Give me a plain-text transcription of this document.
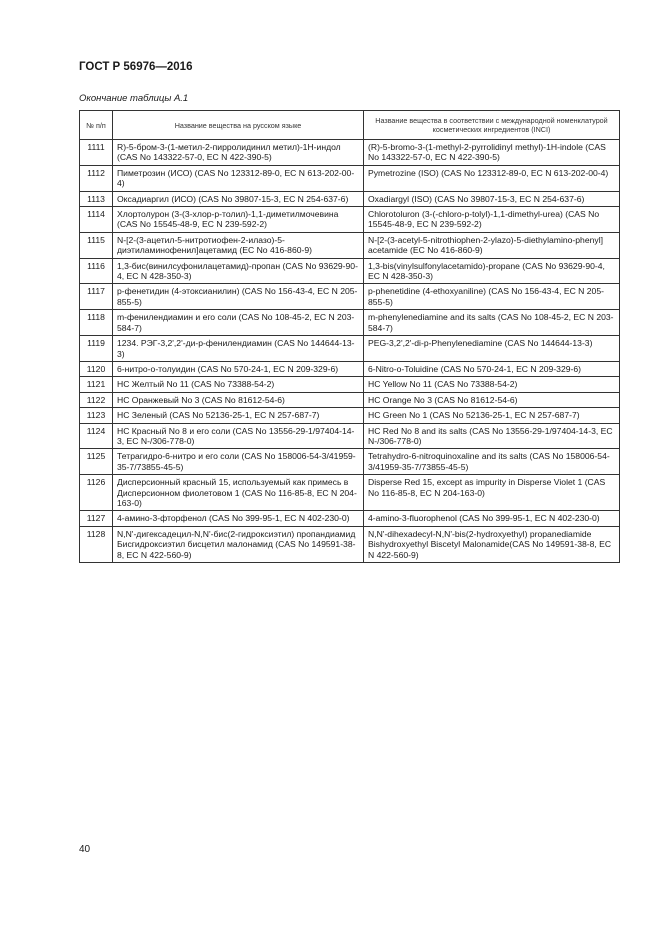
ГОСТ Р 56976—2016
Окончание таблицы А.1
№ п/п	Название вещества на русском языке	Название вещества в соответствии с международной номенклатурой косметических ингредиентов (INCI)
1111	R)-5-бром-3-(1-метил-2-пирролидинил метил)-1H-индол (CAS No 143322-57-0, EC N 422-390-5)	(R)-5-bromo-3-(1-methyl-2-pyrrolidinyl methyl)-1H-indole (CAS No 143322-57-0, EC N 422-390-5)
1112	Пиметрозин (ИСО) (CAS No 123312-89-0, EC N 613-202-00-4)	Pymetrozine (ISO) (CAS No 123312-89-0, EC N 613-202-00-4)
1113	Оксадиаргил (ИСО) (CAS No 39807-15-3, EC N 254-637-6)	Oxadiargyl (ISO) (CAS No 39807-15-3, EC N 254-637-6)
1114	Хлортолурон (3-(3-хлор-p-толил)-1,1-диметилмочевина (CAS No 15545-48-9, EC N 239-592-2)	Chlorotoluron (3-(-chloro-p-tolyl)-1,1-dimethyl-urea) (CAS No 15545-48-9, EC N 239-592-2)
1115	N-[2-(3-ацетил-5-нитротиофен-2-илазо)-5-диэтиламинофенил]ацетамид (EC No 416-860-9)	N-[2-(3-acetyl-5-nitrothiophen-2-ylazo)-5-diethylamino-phenyl] acetamide (EC No 416-860-9)
1116	1,3-бис(винилсуфонилацетамид)-пропан (CAS No 93629-90-4, EC N 428-350-3)	1,3-bis(vinylsulfonylacetamido)-propane (CAS No 93629-90-4, EC N 428-350-3)
1117	p-фенетидин (4-этоксианилин) (CAS No 156-43-4, EC N 205-855-5)	p-phenetidine (4-ethoxyaniline) (CAS No 156-43-4, EC N 205-855-5)
1118	m-фенилендиамин и его соли (CAS No 108-45-2, EC N 203-584-7)	m-phenylenediamine and its salts (CAS No 108-45-2, EC N 203-584-7)
1119	1234. РЭГ-3,2',2'-ди-p-фенилендиамин (CAS No 144644-13-3)	PEG-3,2',2'-di-p-Phenylenediamine (CAS No 144644-13-3)
1120	6-нитро-о-толуидин (CAS No 570-24-1, EC N 209-329-6)	6-Nitro-o-Toluidine (CAS No 570-24-1, EC N 209-329-6)
1121	HC Желтый No 11 (CAS No 73388-54-2)	HC Yellow No 11 (CAS No 73388-54-2)
1122	HC Оранжевый No 3 (CAS No 81612-54-6)	HC Orange No 3 (CAS No 81612-54-6)
1123	HC Зеленый (CAS No 52136-25-1, EC N 257-687-7)	HC Green No 1 (CAS No 52136-25-1, EC N 257-687-7)
1124	HC Красный No 8 и его соли (CAS No 13556-29-1/97404-14-3, EC N-/306-778-0)	HC Red No 8 and its salts (CAS No 13556-29-1/97404-14-3, EC N-/306-778-0)
1125	Тетрагидро-6-нитро и его соли (CAS No 158006-54-3/41959-35-7/73855-45-5)	Tetrahydro-6-nitroquinoxaline and its salts (CAS No 158006-54-3/41959-35-7/73855-45-5)
1126	Дисперсионный красный 15, используемый как примесь в Дисперсионном фиолетовом 1 (CAS No 116-85-8, EC N 204-163-0)	Disperse Red 15, except as impurity in Disperse Violet 1 (CAS No 116-85-8, EC N 204-163-0)
1127	4-амино-3-фторфенол (CAS No 399-95-1, EC N 402-230-0)	4-amino-3-fluorophenol (CAS No 399-95-1, EC N 402-230-0)
1128	N,N'-дигексадецил-N,N'-бис(2-гидроксиэтил) пропандиамид Бисгидроксиэтил бисцетил малонамид (CAS No 149591-38-8, EC N 422-560-9)	N,N'-dihexadecyl-N,N'-bis(2-hydroxyethyl) propanediamide Bishydroxyethyl Biscetyl Malonamide(CAS No 149591-38-8, EC N 422-560-9)
40
